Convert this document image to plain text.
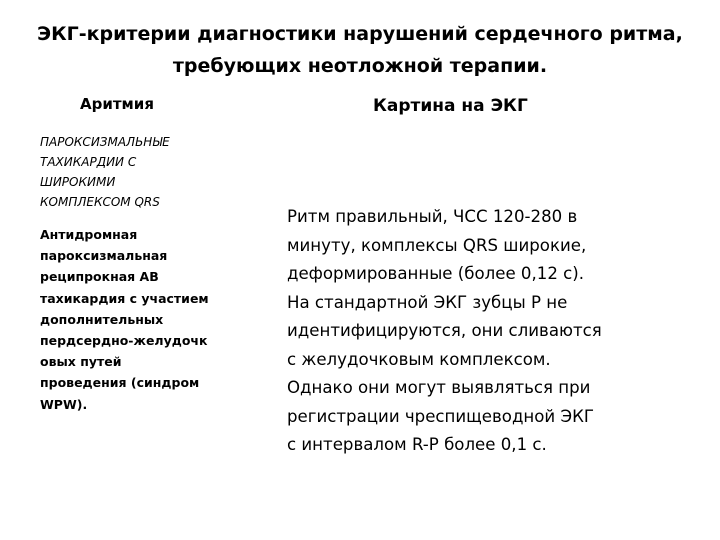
ЭКГ-критерии диагностики нарушений сердечного ритма,
требующих неотложной терапии.
Аритмия	Картина на ЭКГ
ПАРОКСИЗМАЛЬНЫЕ
ТАХИКАРДИИ С
ШИРОКИМИ
КОМПЛЕКСОМ QRS
Антидромная
пароксизмальная
реципрокная АВ
тахикардия с участием
дополнительных
пердсердно-желудочк
овых путей
проведения (синдром
WPW).
Ритм правильный, ЧСС 120-280 в
минуту, комплексы QRS широкие,
деформированные (более 0,12 с).
На стандартной ЭКГ зубцы Р не
идентифицируются, они сливаются
с желудочковым комплексом.
Однако они могут выявляться при
регистрации чреспищеводной ЭКГ
с интервалом R-P более 0,1 с.
